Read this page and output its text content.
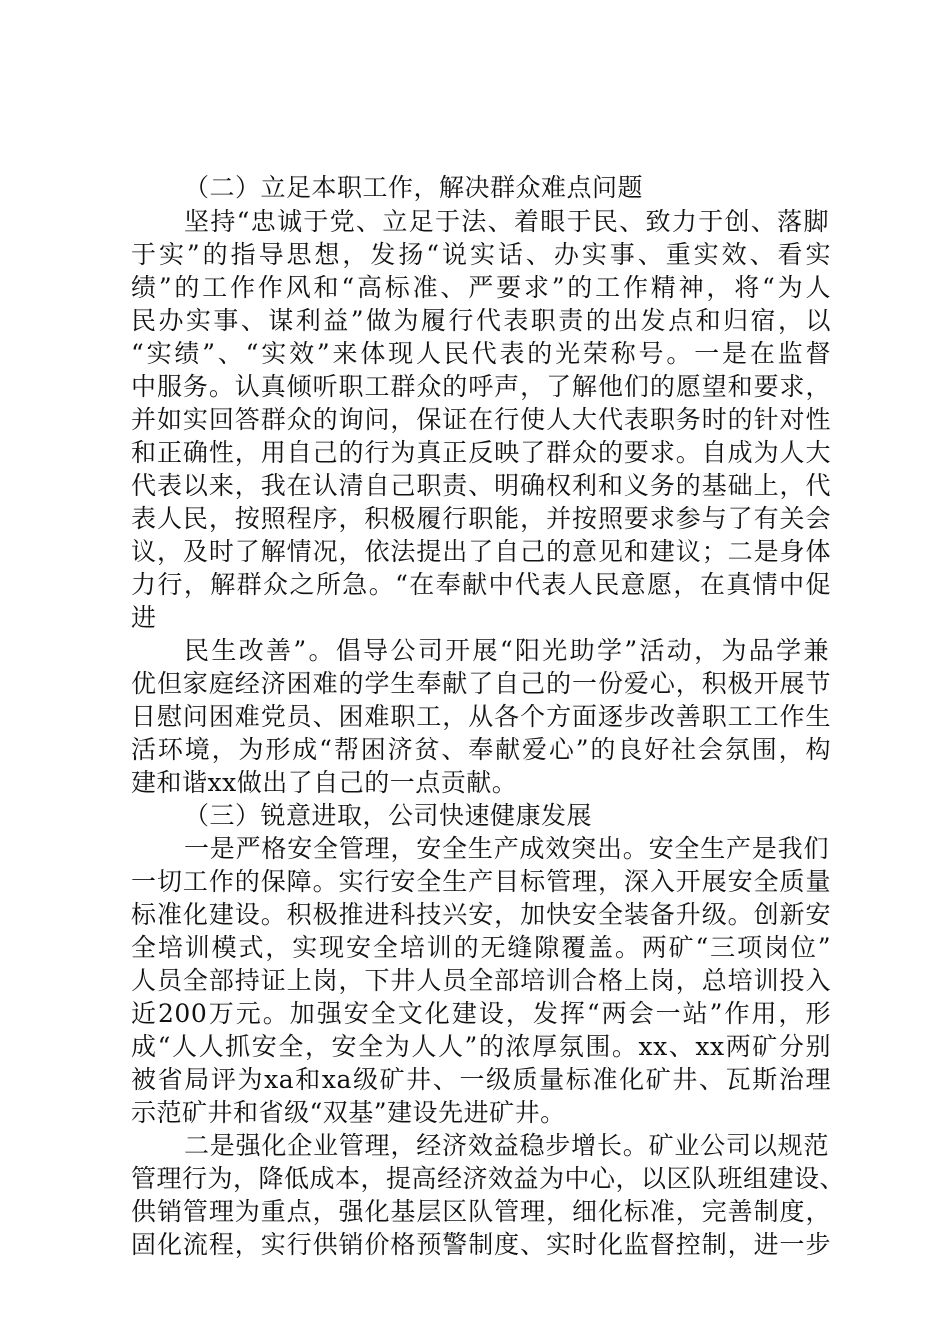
（二）立足本职工作，解决群众难点问题
坚持“忠诚于党、立足于法、着眼于民、致力于创、落脚
于实”的指导思想，发扬“说实话、办实事、重实效、看实
绩”的工作作风和“高标准、严要求”的工作精神，将“为人
民办实事、谋利益”做为履行代表职责的出发点和归宿，以
“实绩”、“实效”来体现人民代表的光荣称号。一是在监督
中服务。认真倾听职工群众的呼声，了解他们的愿望和要求，
并如实回答群众的询问，保证在行使人大代表职务时的针对性
和正确性，用自己的行为真正反映了群众的要求。自成为人大
代表以来，我在认清自己职责、明确权利和义务的基础上，代
表人民，按照程序，积极履行职能，并按照要求参与了有关会
议，及时了解情况，依法提出了自己的意见和建议；二是身体
力行，解群众之所急。“在奉献中代表人民意愿，在真情中促
进
民生改善”。倡导公司开展“阳光助学”活动，为品学兼
优但家庭经济困难的学生奉献了自己的一份爱心，积极开展节
日慰问困难党员、困难职工，从各个方面逐步改善职工工作生
活环境，为形成“帮困济贫、奉献爱心”的良好社会氛围，构
建和谐xx做出了自己的一点贡献。
（三）锐意进取，公司快速健康发展
一是严格安全管理，安全生产成效突出。安全生产是我们
一切工作的保障。实行安全生产目标管理，深入开展安全质量
标准化建设。积极推进科技兴安，加快安全装备升级。创新安
全培训模式，实现安全培训的无缝隙覆盖。两矿“三项岗位”
人员全部持证上岗，下井人员全部培训合格上岗，总培训投入
近200万元。加强安全文化建设，发挥“两会一站”作用，形
成“人人抓安全，安全为人人”的浓厚氛围。xx、xx两矿分别
被省局评为xa和xa级矿井、一级质量标准化矿井、瓦斯治理
示范矿井和省级“双基”建设先进矿井。
二是强化企业管理，经济效益稳步增长。矿业公司以规范
管理行为，降低成本，提高经济效益为中心，以区队班组建设、
供销管理为重点，强化基层区队管理，细化标准，完善制度，
固化流程，实行供销价格预警制度、实时化监督控制，进一步
